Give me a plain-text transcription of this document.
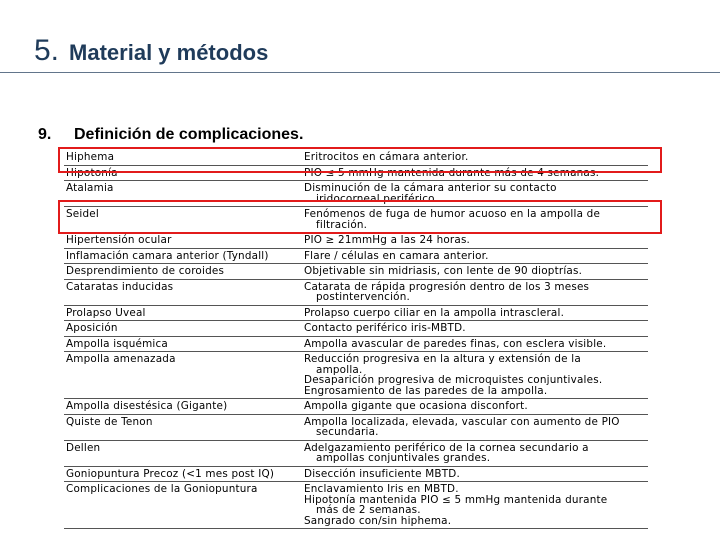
5. Material y métodos
9.	Definición de complicaciones.
Hiphema	Eritrocitos en cámara anterior.
Hipotonía	PIO ≤ 5 mmHg mantenida durante más de 4 semanas.
Atalamia	Disminución de la cámara anterior su contacto
iridocorneal periférico.
Seidel	Fenómenos de fuga de humor acuoso en la ampolla de
filtración.
Hipertensión ocular	PIO ≥ 21mmHg a las 24 horas.
Inflamación camara anterior (Tyndall)	Flare / células en camara anterior.
Desprendimiento de coroides	Objetivable sin midriasis, con lente de 90 dioptrías.
Cataratas inducidas	Catarata de rápida progresión dentro de los 3 meses
postintervención.
Prolapso Uveal	Prolapso cuerpo ciliar en la ampolla intrascleral.
Aposición	Contacto periférico iris-MBTD.
Ampolla isquémica	Ampolla avascular de paredes finas, con esclera visible.
Ampolla amenazada	Reducción progresiva en la altura y extensión de la
ampolla.
Desaparición progresiva de microquistes conjuntivales.
Engrosamiento de las paredes de la ampolla.
Ampolla disestésica (Gigante)	Ampolla gigante que ocasiona disconfort.
Quiste de Tenon	Ampolla localizada, elevada, vascular con aumento de PIO
secundaria.
Dellen	Adelgazamiento periférico de la cornea secundario a
ampollas conjuntivales grandes.
Goniopuntura Precoz (<1 mes post IQ)	Disección insuficiente MBTD.
Complicaciones de la Goniopuntura	Enclavamiento Iris en MBTD.
Hipotonía mantenida PIO ≤ 5 mmHg mantenida durante
más de 2 semanas.
Sangrado con/sin hiphema.
